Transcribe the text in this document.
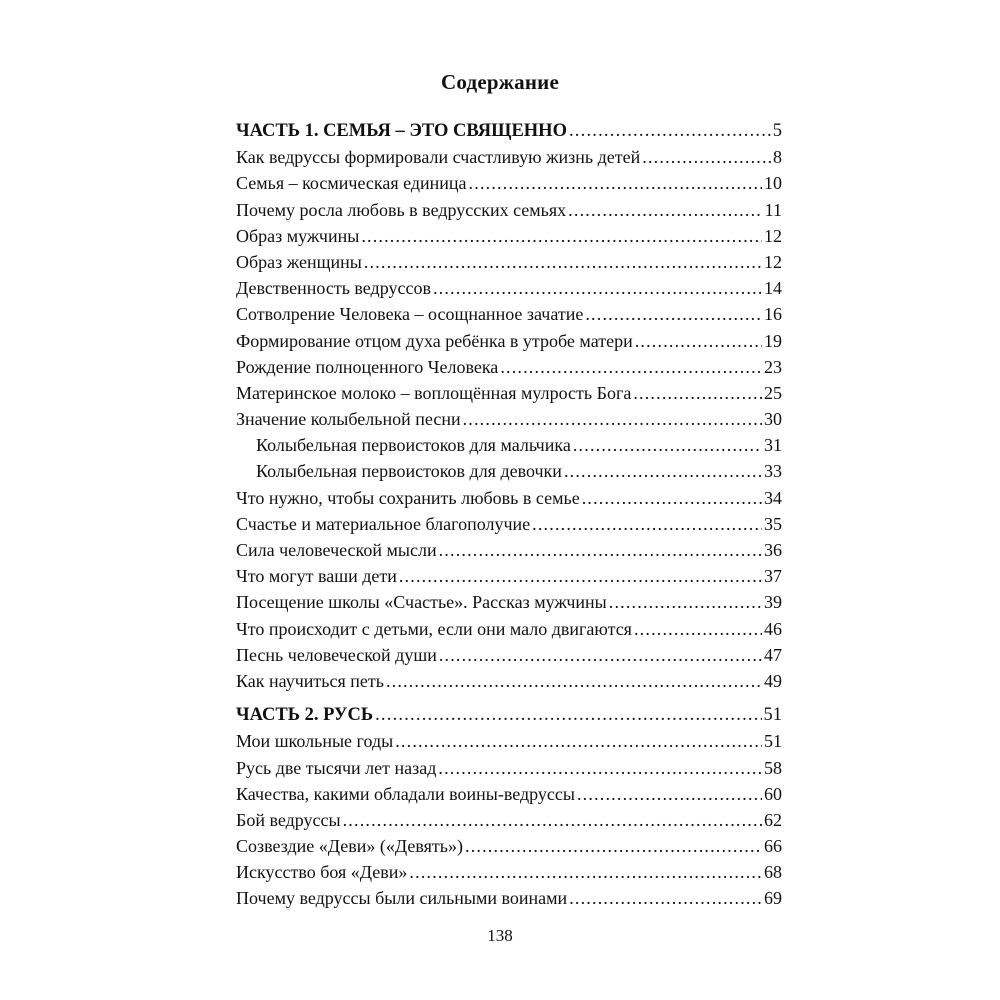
Содержание
ЧАСТЬ 1. СЕМЬЯ – ЭТО СВЯЩЕННО .....	5
Как ведруссы формировали счастливую жизнь детей .....	8
Семья – космическая единица .....	10
Почему росла любовь в ведрусских семьях .....	11
Образ мужчины .....	12
Образ женщины .....	12
Девственность ведруссов .....	14
Сотволрение Человека – осощнанное зачатие .....	16
Формирование отцом духа ребёнка в утробе матери .....	19
Рождение полноценного Человека .....	23
Материнское молоко – воплощённая мулрость Бога .....	25
Значение колыбельной песни .....	30
Колыбельная первоистоков для мальчика .....	31
Колыбельная первоистоков для девочки .....	33
Что нужно, чтобы сохранить любовь в семье .....	34
Счастье и материальное благополучие .....	35
Сила человеческой мысли .....	36
Что могут ваши дети .....	37
Посещение школы «Счастье». Рассказ мужчины .....	39
Что происходит с детьми, если они мало двигаются .....	46
Песнь человеческой души .....	47
Как научиться петь .....	49
ЧАСТЬ 2. РУСЬ .....	51
Мои школьные годы .....	51
Русь две тысячи лет назад .....	58
Качества, какими обладали воины-ведруссы .....	60
Бой ведруссы .....	62
Созвездие «Деви» («Девять») .....	66
Искусство боя «Деви» .....	68
Почему ведруссы были сильными воинами .....	69
138
